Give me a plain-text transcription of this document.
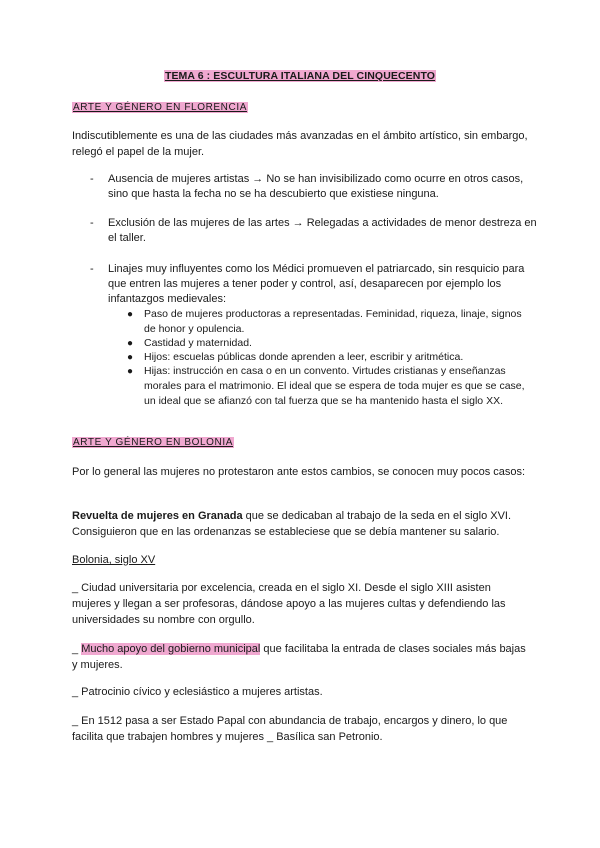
TEMA 6 : ESCULTURA ITALIANA DEL CINQUECENTO
ARTE Y GÉNERO EN FLORENCIA
Indiscutiblemente es una de las ciudades más avanzadas en el ámbito artístico, sin embargo, relegó el papel de la mujer.
- Ausencia de mujeres artistas → No se han invisibilizado como ocurre en otros casos, sino que hasta la fecha no se ha descubierto que existiese ninguna.
- Exclusión de las mujeres de las artes → Relegadas a actividades de menor destreza en el taller.
- Linajes muy influyentes como los Médici promueven el patriarcado, sin resquicio para que entren las mujeres a tener poder y control, así, desaparecen por ejemplo los infantazgos medievales:
● Paso de mujeres productoras a representadas. Feminidad, riqueza, linaje, signos de honor y opulencia.
● Castidad y maternidad.
● Hijos: escuelas públicas donde aprenden a leer, escribir y aritmética.
● Hijas: instrucción en casa o en un convento. Virtudes cristianas y enseñanzas morales para el matrimonio. El ideal que se espera de toda mujer es que se case, un ideal que se afianzó con tal fuerza que se ha mantenido hasta el siglo XX.
ARTE Y GÉNERO EN BOLONIA
Por lo general las mujeres no protestaron ante estos cambios, se conocen muy pocos casos:
Revuelta de mujeres en Granada que se dedicaban al trabajo de la seda en el siglo XVI. Consiguieron que en las ordenanzas se estableciese que se debía mantener su salario.
Bolonia, siglo XV
_ Ciudad universitaria por excelencia, creada en el siglo XI. Desde el siglo XIII asisten mujeres y llegan a ser profesoras, dándose apoyo a las mujeres cultas y defendiendo las universidades su nombre con orgullo.
_ Mucho apoyo del gobierno municipal que facilitaba la entrada de clases sociales más bajas y mujeres.
_ Patrocinio cívico y eclesiástico a mujeres artistas.
_ En 1512 pasa a ser Estado Papal con abundancia de trabajo, encargos y dinero, lo que facilita que trabajen hombres y mujeres _ Basílica san Petronio.
